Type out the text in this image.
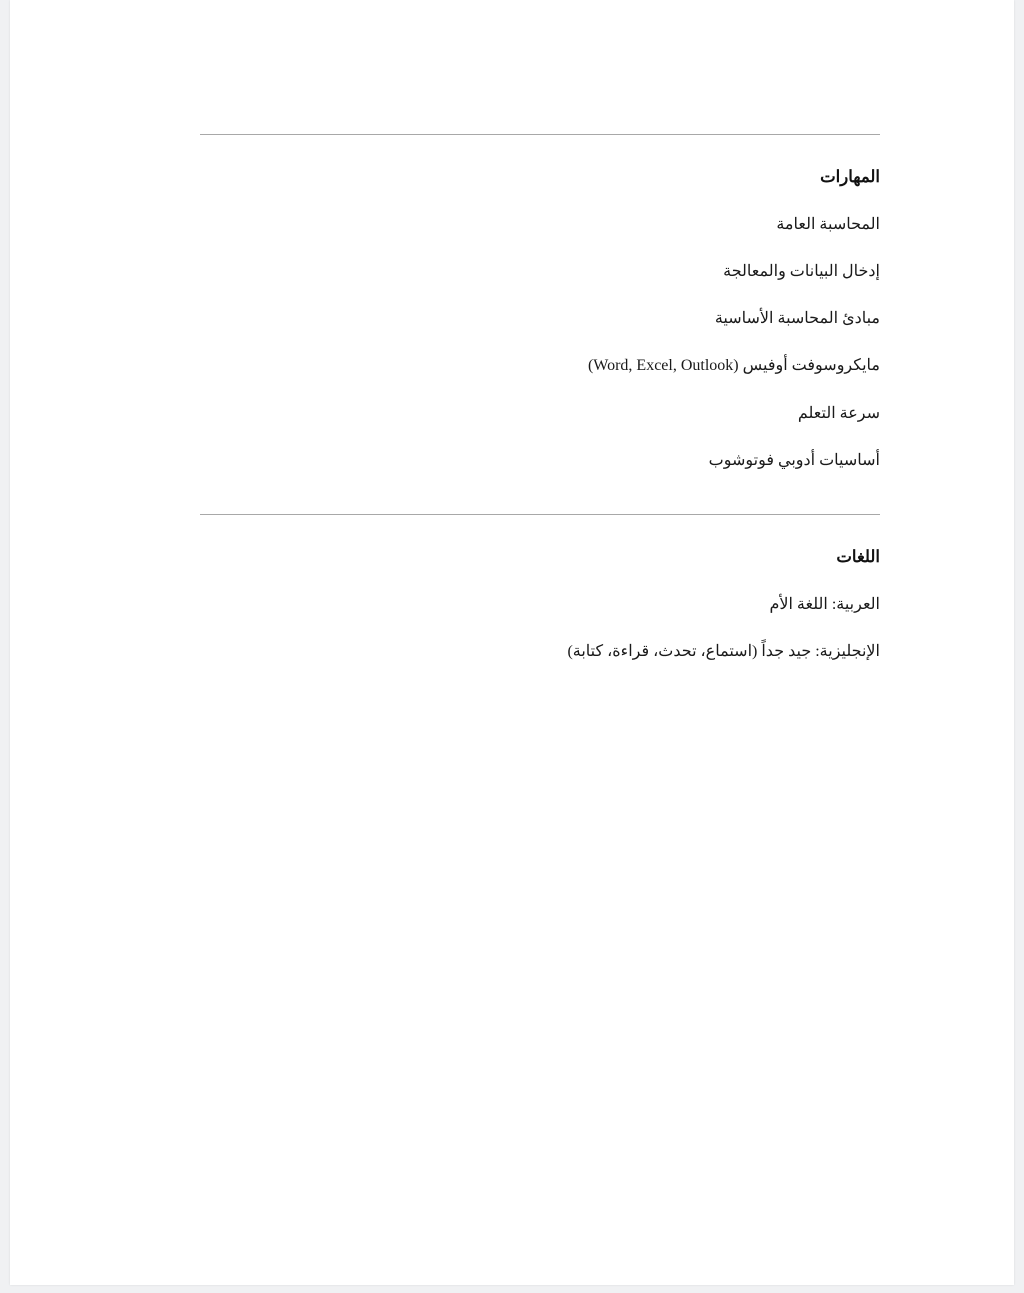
المهارات
المحاسبة العامة
إدخال البيانات والمعالجة
مبادئ المحاسبة الأساسية
مايكروسوفت أوفيس (Word, Excel, Outlook)
سرعة التعلم
أساسيات أدوبي فوتوشوب
اللغات
العربية: اللغة الأم
الإنجليزية: جيد جداً (استماع، تحدث، قراءة، كتابة)
